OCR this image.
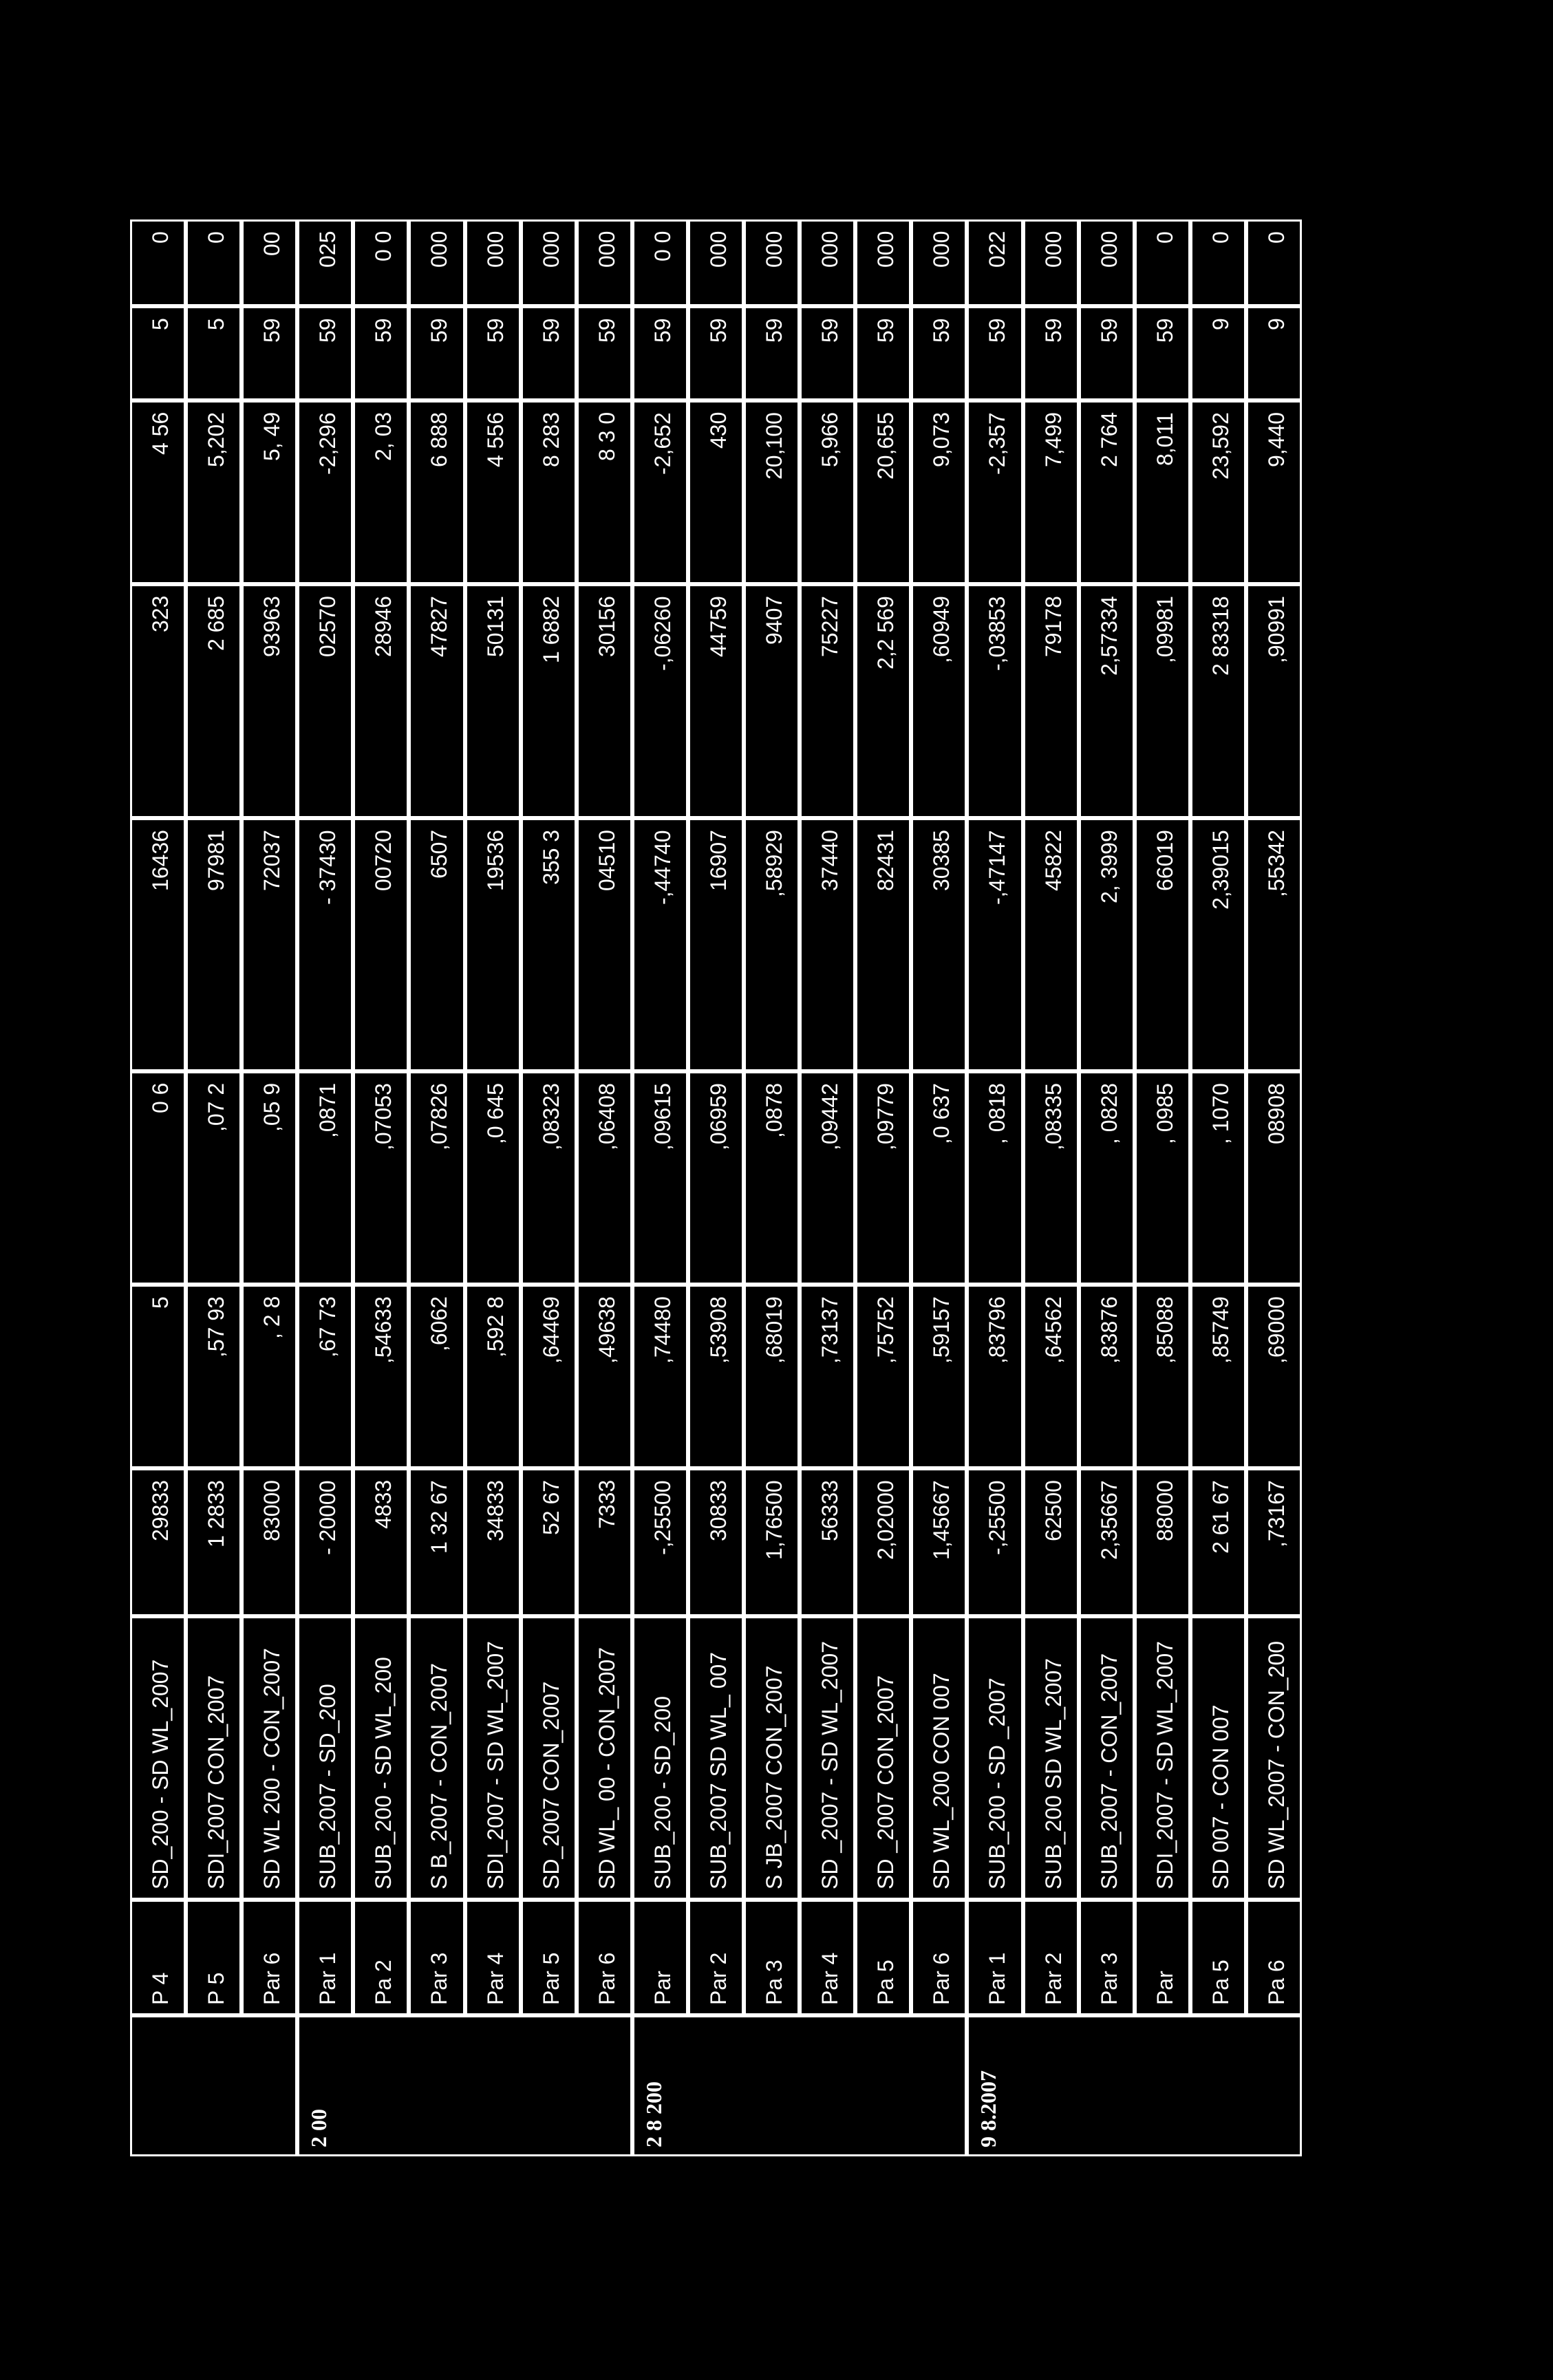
2 00	2 8 200	9 8.2007
P 4
SD_200 - SD WL_2007
29833
5
0 6
16436
323
4 56
5
0
P 5
SDI_2007 CON_2007
1 2833
,57 93
,07 2
97981
2 685
5,202
5
0
Par 6
SD WL 200 - CON_2007
83000
, 2 8
,05 9
72037
93963
5, 49
59
00
Par 1
SUB_2007 - SD_200
- 20000
,67 73
,0871
- 37430
02570
-2,296
59
025
Pa 2
SUB_200 - SD WL_200
4833
,54633
,07053
00720
28946
2, 03
59
0 0
Par 3
S B_2007 - CON_2007
1 32 67
,6062
,07826
6507
47827
6 888
59
000
Par 4
SDI_2007 - SD WL_2007
34833
,592 8
,0 645
19536
50131
4 556
59
000
Par 5
SD_2007 CON_2007
52 67
,64469
,08323
355 3
1 6882
8 283
59
000
Par 6
SD WL_ 00 - CON_2007
7333
,49638
,06408
04510
30156
8 3 0
59
000
Par
SUB_200 - SD_200
-,25500
,74480
,09615
-,44740
-,06260
-2,652
59
0 0
Par 2
SUB_2007 SD WL_ 007
30833
,53908
,06959
16907
44759
430
59
000
Pa 3
S JB_2007 CON_2007
1,76500
,68019
,0878
,58929
9407
20,100
59
000
Par 4
SD _2007 - SD WL_2007
56333
,73137
,09442
37440
75227
5,966
59
000
Pa 5
SD _2007 CON_2007
2,02000
,75752
,09779
82431
2,2 569
20,655
59
000
Par 6
SD WL_200 CON 007
1,45667
,59157
,0 637
30385
,60949
9,073
59
000
Par 1
SUB_200 - SD _2007
-,25500
,83796
, 0818
-,47147
-,03853
-2,357
59
022
Par 2
SUB_200 SD WL_2007
62500
,64562
,08335
45822
79178
7,499
59
000
Par 3
SUB_2007 - CON_2007
2,35667
,83876
, 0828
2, 3999
2,57334
2 764
59
000
Par
SDI_2007 - SD WL_2007
88000
,85088
, 0985
66019
,09981
8,011
59
0
Pa 5
SD 007 - CON 007
2 61 67
,85749
, 1070
2,39015
2 83318
23,592
9
0
Pa 6
SD WL_2007 - CON_200
,73167
,69000
08908
,55342
,90991
9,440
9
0
